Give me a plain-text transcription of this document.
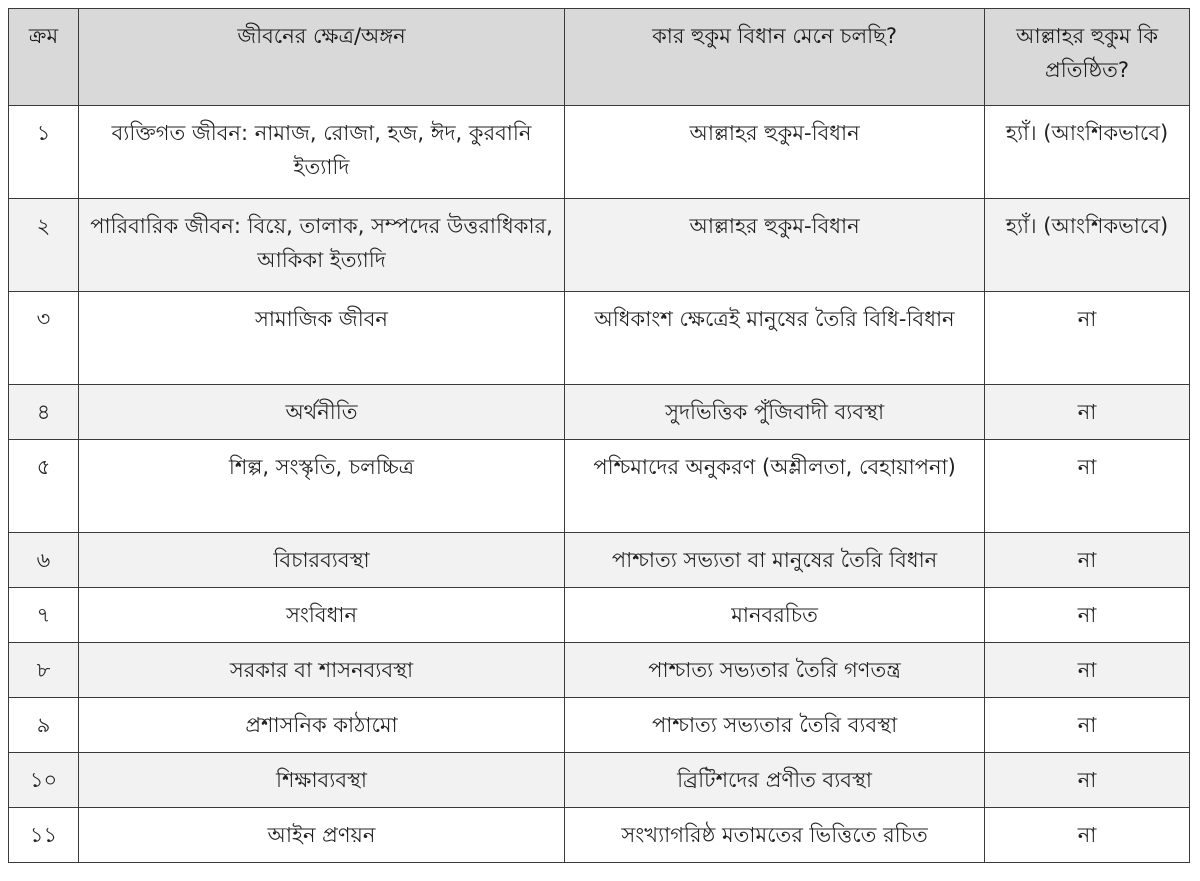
ক্রম	জীবনের ক্ষেত্র/অঙ্গন	কার হুকুম বিধান মেনে চলছি?	আল্লাহর হুকুম কি প্রতিষ্ঠিত?
১	ব্যক্তিগত জীবন: নামাজ, রোজা, হজ, ঈদ, কুরবানি ইত্যাদি	আল্লাহর হুকুম-বিধান	হ্যাঁ। (আংশিকভাবে)
২	পারিবারিক জীবন: বিয়ে, তালাক, সম্পদের উত্তরাধিকার, আকিকা ইত্যাদি	আল্লাহর হুকুম-বিধান	হ্যাঁ। (আংশিকভাবে)
৩	সামাজিক জীবন	অধিকাংশ ক্ষেত্রেই মানুষের তৈরি বিধি-বিধান	না
৪	অর্থনীতি	সুদভিত্তিক পুঁজিবাদী ব্যবস্থা	না
৫	শিল্প, সংস্কৃতি, চলচ্চিত্র	পশ্চিমাদের অনুকরণ (অশ্লীলতা, বেহায়াপনা)	না
৬	বিচারব্যবস্থা	পাশ্চাত্য সভ্যতা বা মানুষের তৈরি বিধান	না
৭	সংবিধান	মানবরচিত	না
৮	সরকার বা শাসনব্যবস্থা	পাশ্চাত্য সভ্যতার তৈরি গণতন্ত্র	না
৯	প্রশাসনিক কাঠামো	পাশ্চাত্য সভ্যতার তৈরি ব্যবস্থা	না
১০	শিক্ষাব্যবস্থা	ব্রিটিশদের প্রণীত ব্যবস্থা	না
১১	আইন প্রণয়ন	সংখ্যাগরিষ্ঠ মতামতের ভিত্তিতে রচিত	না
